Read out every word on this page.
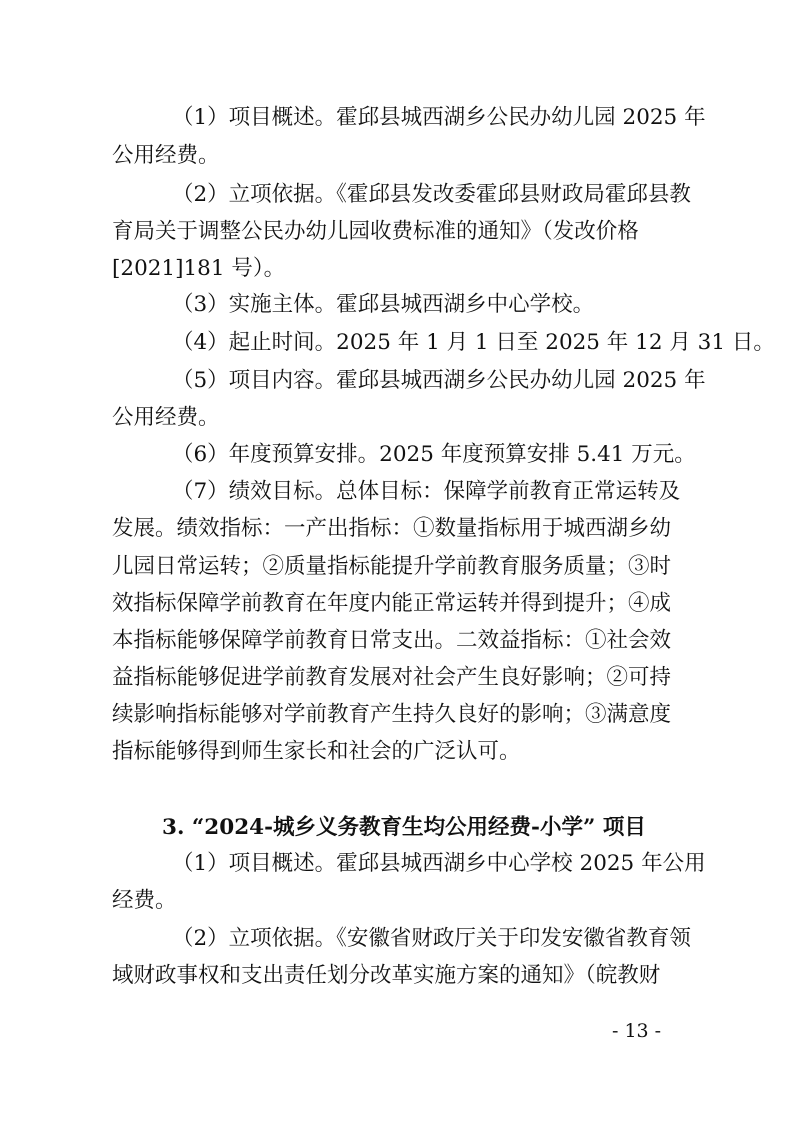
（1）项目概述。霍邱县城西湖乡公民办幼儿园 2025 年
公用经费。
（2）立项依据。《霍邱县发改委霍邱县财政局霍邱县教
育局关于调整公民办幼儿园收费标准的通知》（发改价格
[2021]181 号）。
（3）实施主体。霍邱县城西湖乡中心学校。
（4）起止时间。2025 年 1 月 1 日至 2025 年 12 月 31 日。
（5）项目内容。霍邱县城西湖乡公民办幼儿园 2025 年
公用经费。
（6）年度预算安排。2025 年度预算安排 5.41 万元。
（7）绩效目标。总体目标：保障学前教育正常运转及
发展。绩效指标：一产出指标：①数量指标用于城西湖乡幼
儿园日常运转；②质量指标能提升学前教育服务质量；③时
效指标保障学前教育在年度内能正常运转并得到提升；④成
本指标能够保障学前教育日常支出。二效益指标：①社会效
益指标能够促进学前教育发展对社会产生良好影响；②可持
续影响指标能够对学前教育产生持久良好的影响；③满意度
指标能够得到师生家长和社会的广泛认可。
3. “2024-城乡义务教育生均公用经费-小学” 项目
（1）项目概述。霍邱县城西湖乡中心学校 2025 年公用
经费。
（2）立项依据。《安徽省财政厅关于印发安徽省教育领
域财政事权和支出责任划分改革实施方案的通知》（皖教财
- 13 -
